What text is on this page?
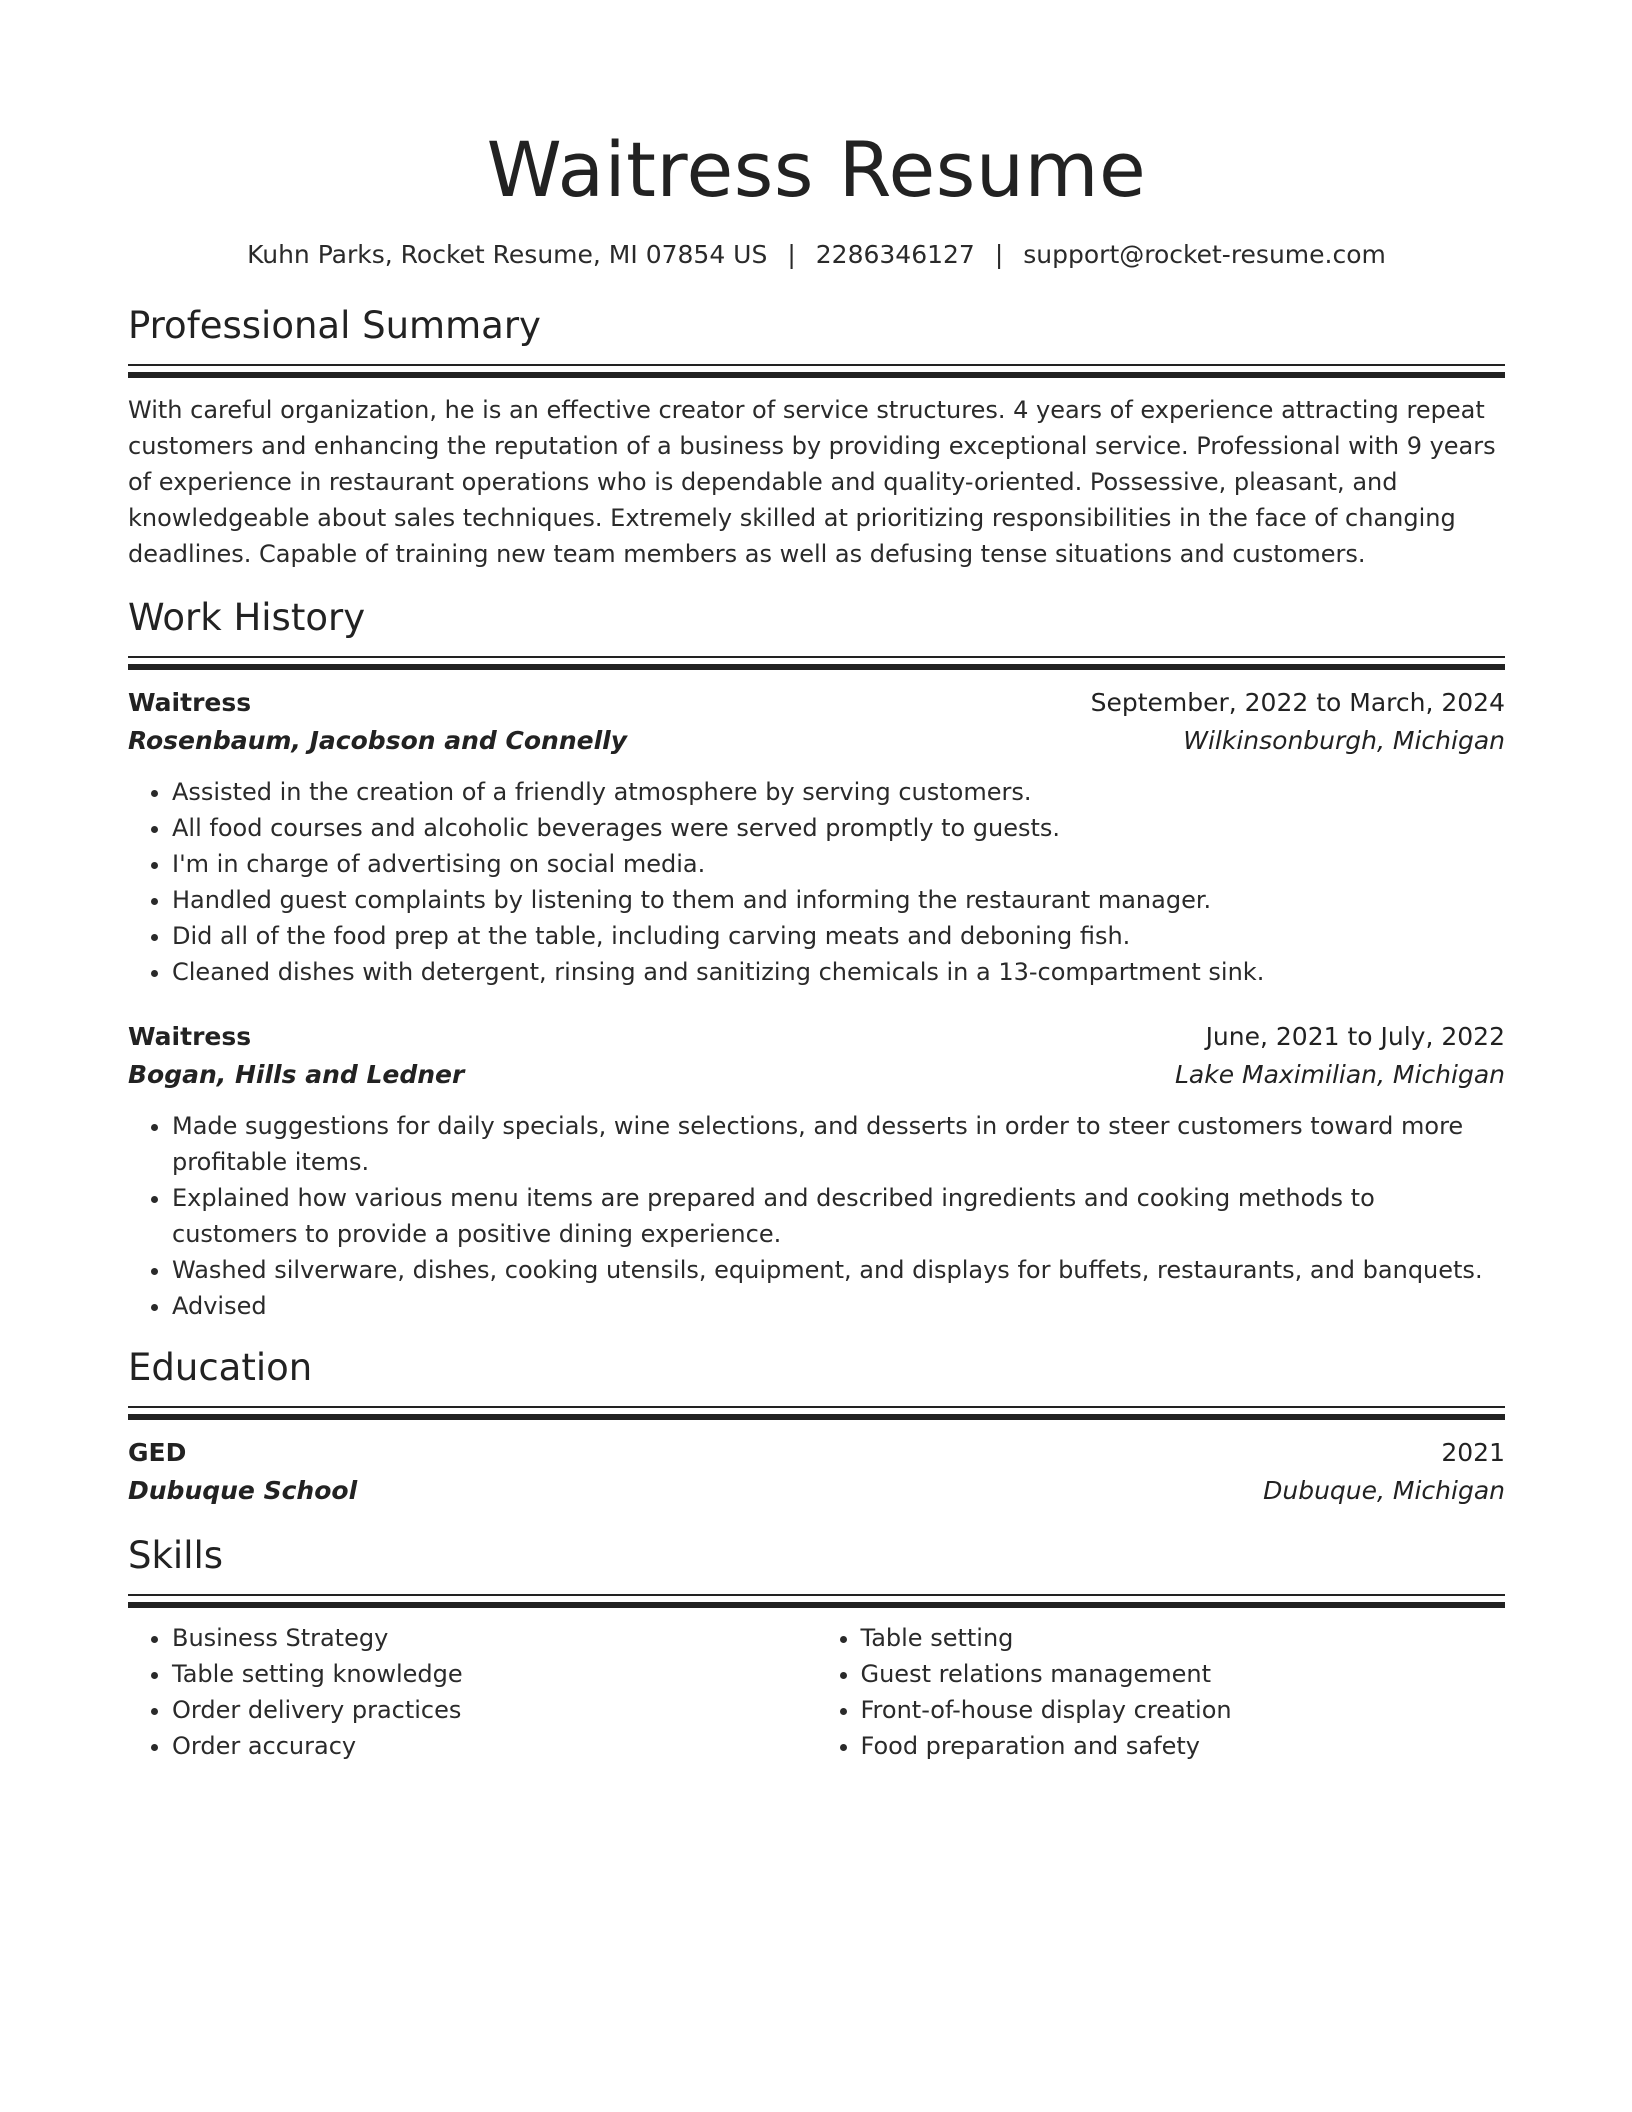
Waitress Resume
Kuhn Parks, Rocket Resume, MI 07854 US | 2286346127 | support@rocket-resume.com
Professional Summary

With careful organization, he is an effective creator of service structures. 4 years of experience attracting repeat customers and enhancing the reputation of a business by providing exceptional service. Professional with 9 years of experience in restaurant operations who is dependable and quality-oriented. Possessive, pleasant, and knowledgeable about sales techniques. Extremely skilled at prioritizing responsibilities in the face of changing deadlines. Capable of training new team members as well as defusing tense situations and customers.

Work History
Waitress	September, 2022 to March, 2024
Rosenbaum, Jacobson and Connelly	Wilkinsonburgh, Michigan
• Assisted in the creation of a friendly atmosphere by serving customers.
• All food courses and alcoholic beverages were served promptly to guests.
• I'm in charge of advertising on social media.
• Handled guest complaints by listening to them and informing the restaurant manager.
• Did all of the food prep at the table, including carving meats and deboning fish.
• Cleaned dishes with detergent, rinsing and sanitizing chemicals in a 13-compartment sink.
Waitress	June, 2021 to July, 2022
Bogan, Hills and Ledner	Lake Maximilian, Michigan
• Made suggestions for daily specials, wine selections, and desserts in order to steer customers toward more profitable items.
• Explained how various menu items are prepared and described ingredients and cooking methods to customers to provide a positive dining experience.
• Washed silverware, dishes, cooking utensils, equipment, and displays for buffets, restaurants, and banquets.
• Advised
Education
GED	2021
Dubuque School	Dubuque, Michigan
Skills
• Business Strategy
• Table setting knowledge
• Order delivery practices
• Order accuracy
• Table setting
• Guest relations management
• Front-of-house display creation
• Food preparation and safety
